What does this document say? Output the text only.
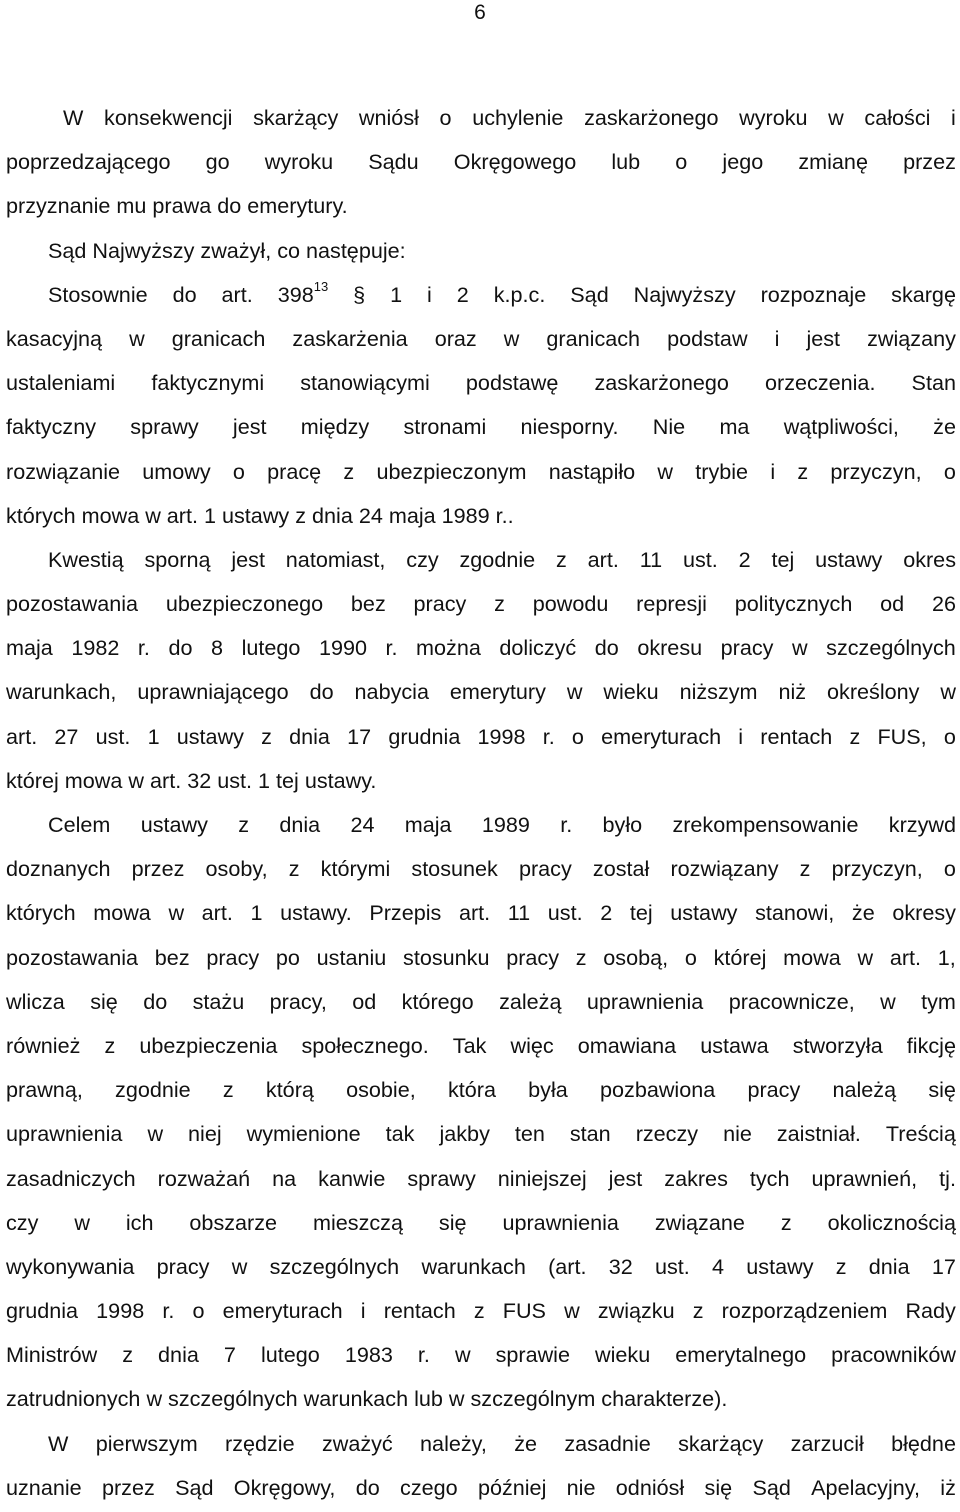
6
W konsekwencji skarżący wniósł o uchylenie zaskarżonego wyroku w całości i
poprzedzającego go wyroku Sądu Okręgowego lub o jego zmianę przez
przyznanie mu prawa do emerytury.
Sąd Najwyższy zważył, co następuje:
Stosownie do art. $398^{13}$ § 1 i 2 k.p.c. Sąd Najwyższy rozpoznaje skargę
kasacyjną w granicach zaskarżenia oraz w granicach podstaw i jest związany
ustaleniami faktycznymi stanowiącymi podstawę zaskarżonego orzeczenia. Stan
faktyczny sprawy jest między stronami niesporny. Nie ma wątpliwości, że
rozwiązanie umowy o pracę z ubezpieczonym nastąpiło w trybie i z przyczyn, o
których mowa w art. 1 ustawy z dnia 24 maja 1989 r..
Kwestią sporną jest natomiast, czy zgodnie z art. 11 ust. 2 tej ustawy okres
pozostawania ubezpieczonego bez pracy z powodu represji politycznych od 26
maja 1982 r. do 8 lutego 1990 r. można doliczyć do okresu pracy w szczególnych
warunkach, uprawniającego do nabycia emerytury w wieku niższym niż określony w
art. 27 ust. 1 ustawy z dnia 17 grudnia 1998 r. o emeryturach i rentach z FUS, o
której mowa w art. 32 ust. 1 tej ustawy.
Celem ustawy z dnia 24 maja 1989 r. było zrekompensowanie krzywd
doznanych przez osoby, z którymi stosunek pracy został rozwiązany z przyczyn, o
których mowa w art. 1 ustawy. Przepis art. 11 ust. 2 tej ustawy stanowi, że okresy
pozostawania bez pracy po ustaniu stosunku pracy z osobą, o której mowa w art. 1,
wlicza się do stażu pracy, od którego zależą uprawnienia pracownicze, w tym
również z ubezpieczenia społecznego. Tak więc omawiana ustawa stworzyła fikcję
prawną, zgodnie z którą osobie, która była pozbawiona pracy należą się
uprawnienia w niej wymienione tak jakby ten stan rzeczy nie zaistniał. Treścią
zasadniczych rozważań na kanwie sprawy niniejszej jest zakres tych uprawnień, tj.
czy w ich obszarze mieszczą się uprawnienia związane z okolicznością
wykonywania pracy w szczególnych warunkach (art. 32 ust. 4 ustawy z dnia 17
grudnia 1998 r. o emeryturach i rentach z FUS w związku z rozporządzeniem Rady
Ministrów z dnia 7 lutego 1983 r. w sprawie wieku emerytalnego pracowników
zatrudnionych w szczególnych warunkach lub w szczególnym charakterze).
W pierwszym rzędzie zważyć należy, że zasadnie skarżący zarzucił błędne
uznanie przez Sąd Okręgowy, do czego później nie odniósł się Sąd Apelacyjny, iż
